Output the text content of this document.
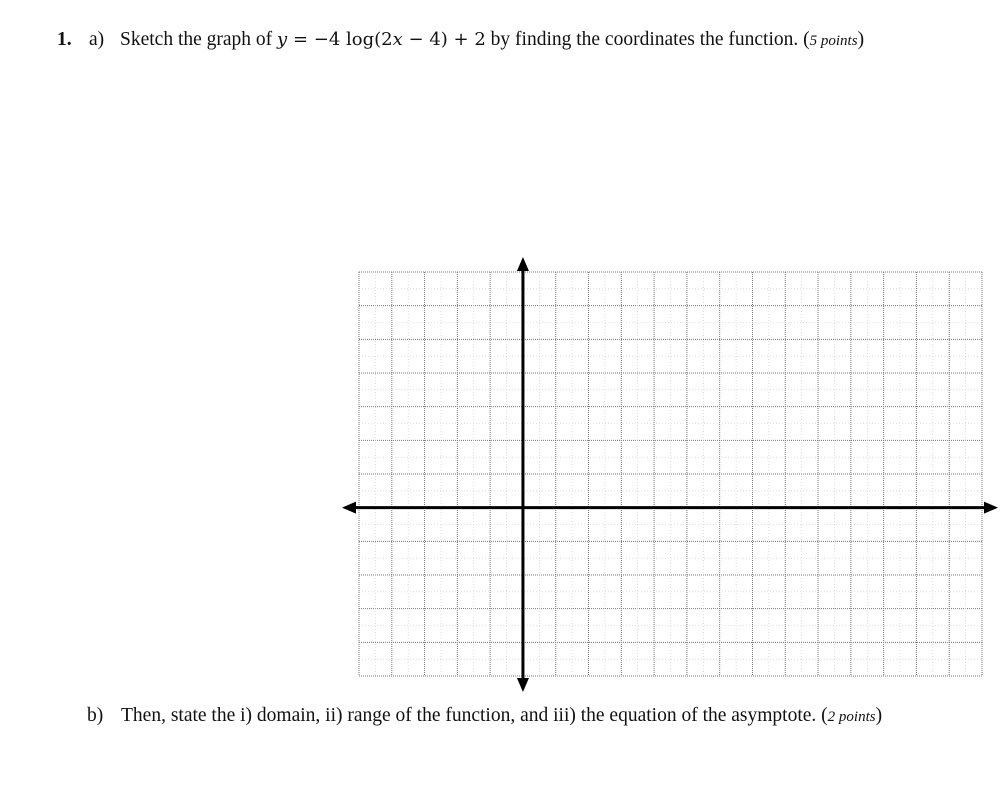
1. a) Sketch the graph of y = −4 log(2x − 4) + 2 by finding the coordinates the function. (5 points)
b) Then, state the i) domain, ii) range of the function, and iii) the equation of the asymptote. (2 points)
